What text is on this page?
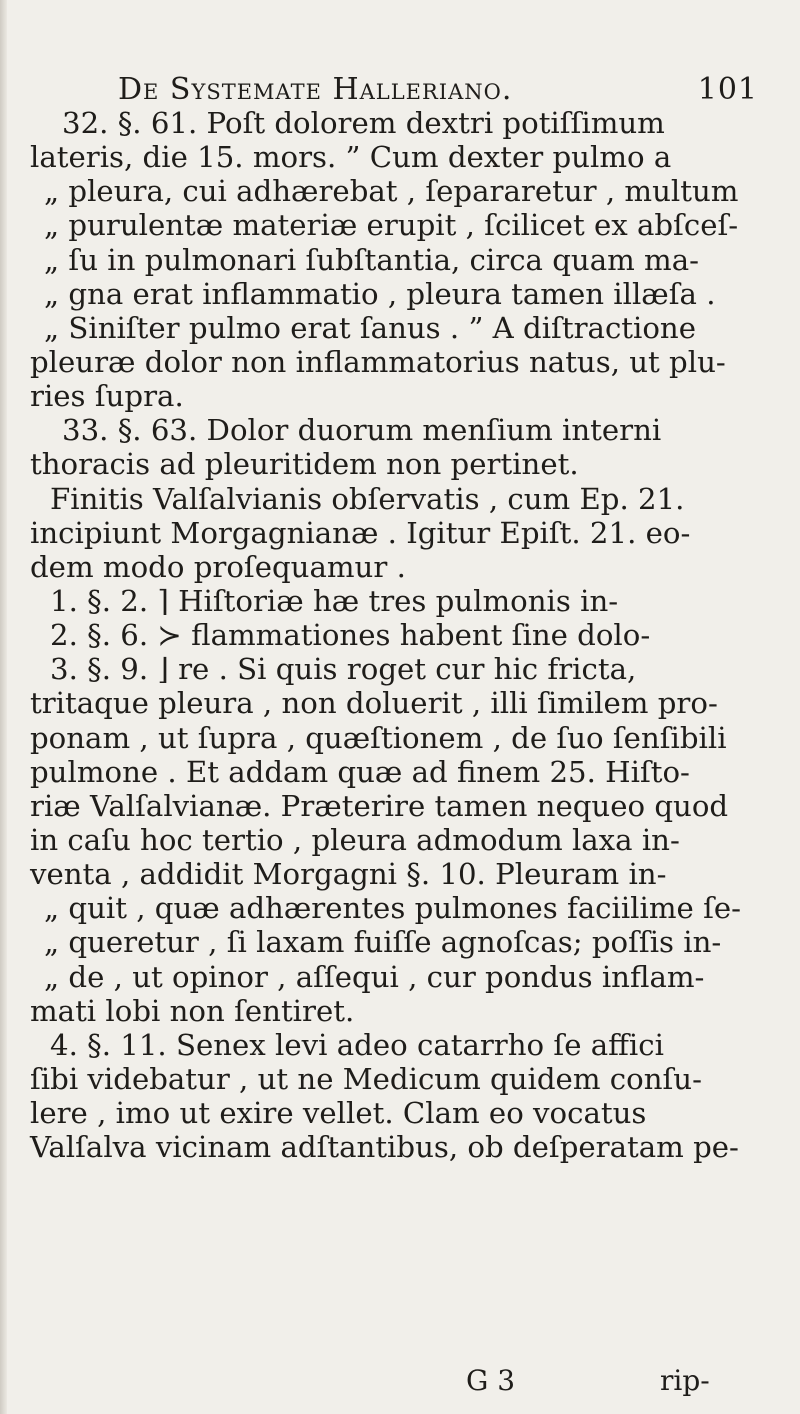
De Systemate Halleriano.	101
32. §. 61. Poſt dolorem dextri potiſſimum
lateris, die 15. mors. ” Cum dexter pulmo a
„ pleura, cui adhærebat , ſepararetur , multum
„ purulentæ materiæ erupit , ſcilicet ex abſceſ-
„ ſu in pulmonari ſubſtantia, circa quam ma-
„ gna erat inflammatio , pleura tamen illæſa .
„ Siniſter pulmo erat ſanus . ” A diſtractione
pleuræ dolor non inflammatorius natus, ut plu-
ries ſupra.
33. §. 63. Dolor duorum menſium interni
thoracis ad pleuritidem non pertinet.
Finitis Valſalvianis obſervatis , cum Ep. 21.
incipiunt Morgagnianæ . Igitur Epiſt. 21. eo-
dem modo proſequamur .
1. §. 2. ⌉ Hiſtoriæ hæ tres pulmonis in-
2. §. 6. ≻ flammationes habent ſine dolo-
3. §. 9. ⌋ re . Si quis roget cur hic fricta,
tritaque pleura , non doluerit , illi ſimilem pro-
ponam , ut ſupra , quæſtionem , de ſuo ſenſibili
pulmone . Et addam quæ ad finem 25. Hiſto-
riæ Valſalvianæ. Præterire tamen nequeo quod
in caſu hoc tertio , pleura admodum laxa in-
venta , addidit Morgagni §. 10. Pleuram in-
„ quit , quæ adhærentes pulmones faciilime ſe-
„ queretur , ſi laxam fuiſſe agnoſcas; poſſis in-
„ de , ut opinor , aſſequi , cur pondus inflam-
mati lobi non ſentiret.
4. §. 11. Senex levi adeo catarrho ſe affici
ſibi videbatur , ut ne Medicum quidem conſu-
lere , imo ut exire vellet. Clam eo vocatus
Valſalva vicinam adſtantibus, ob deſperatam pe-
G 3	rip-
